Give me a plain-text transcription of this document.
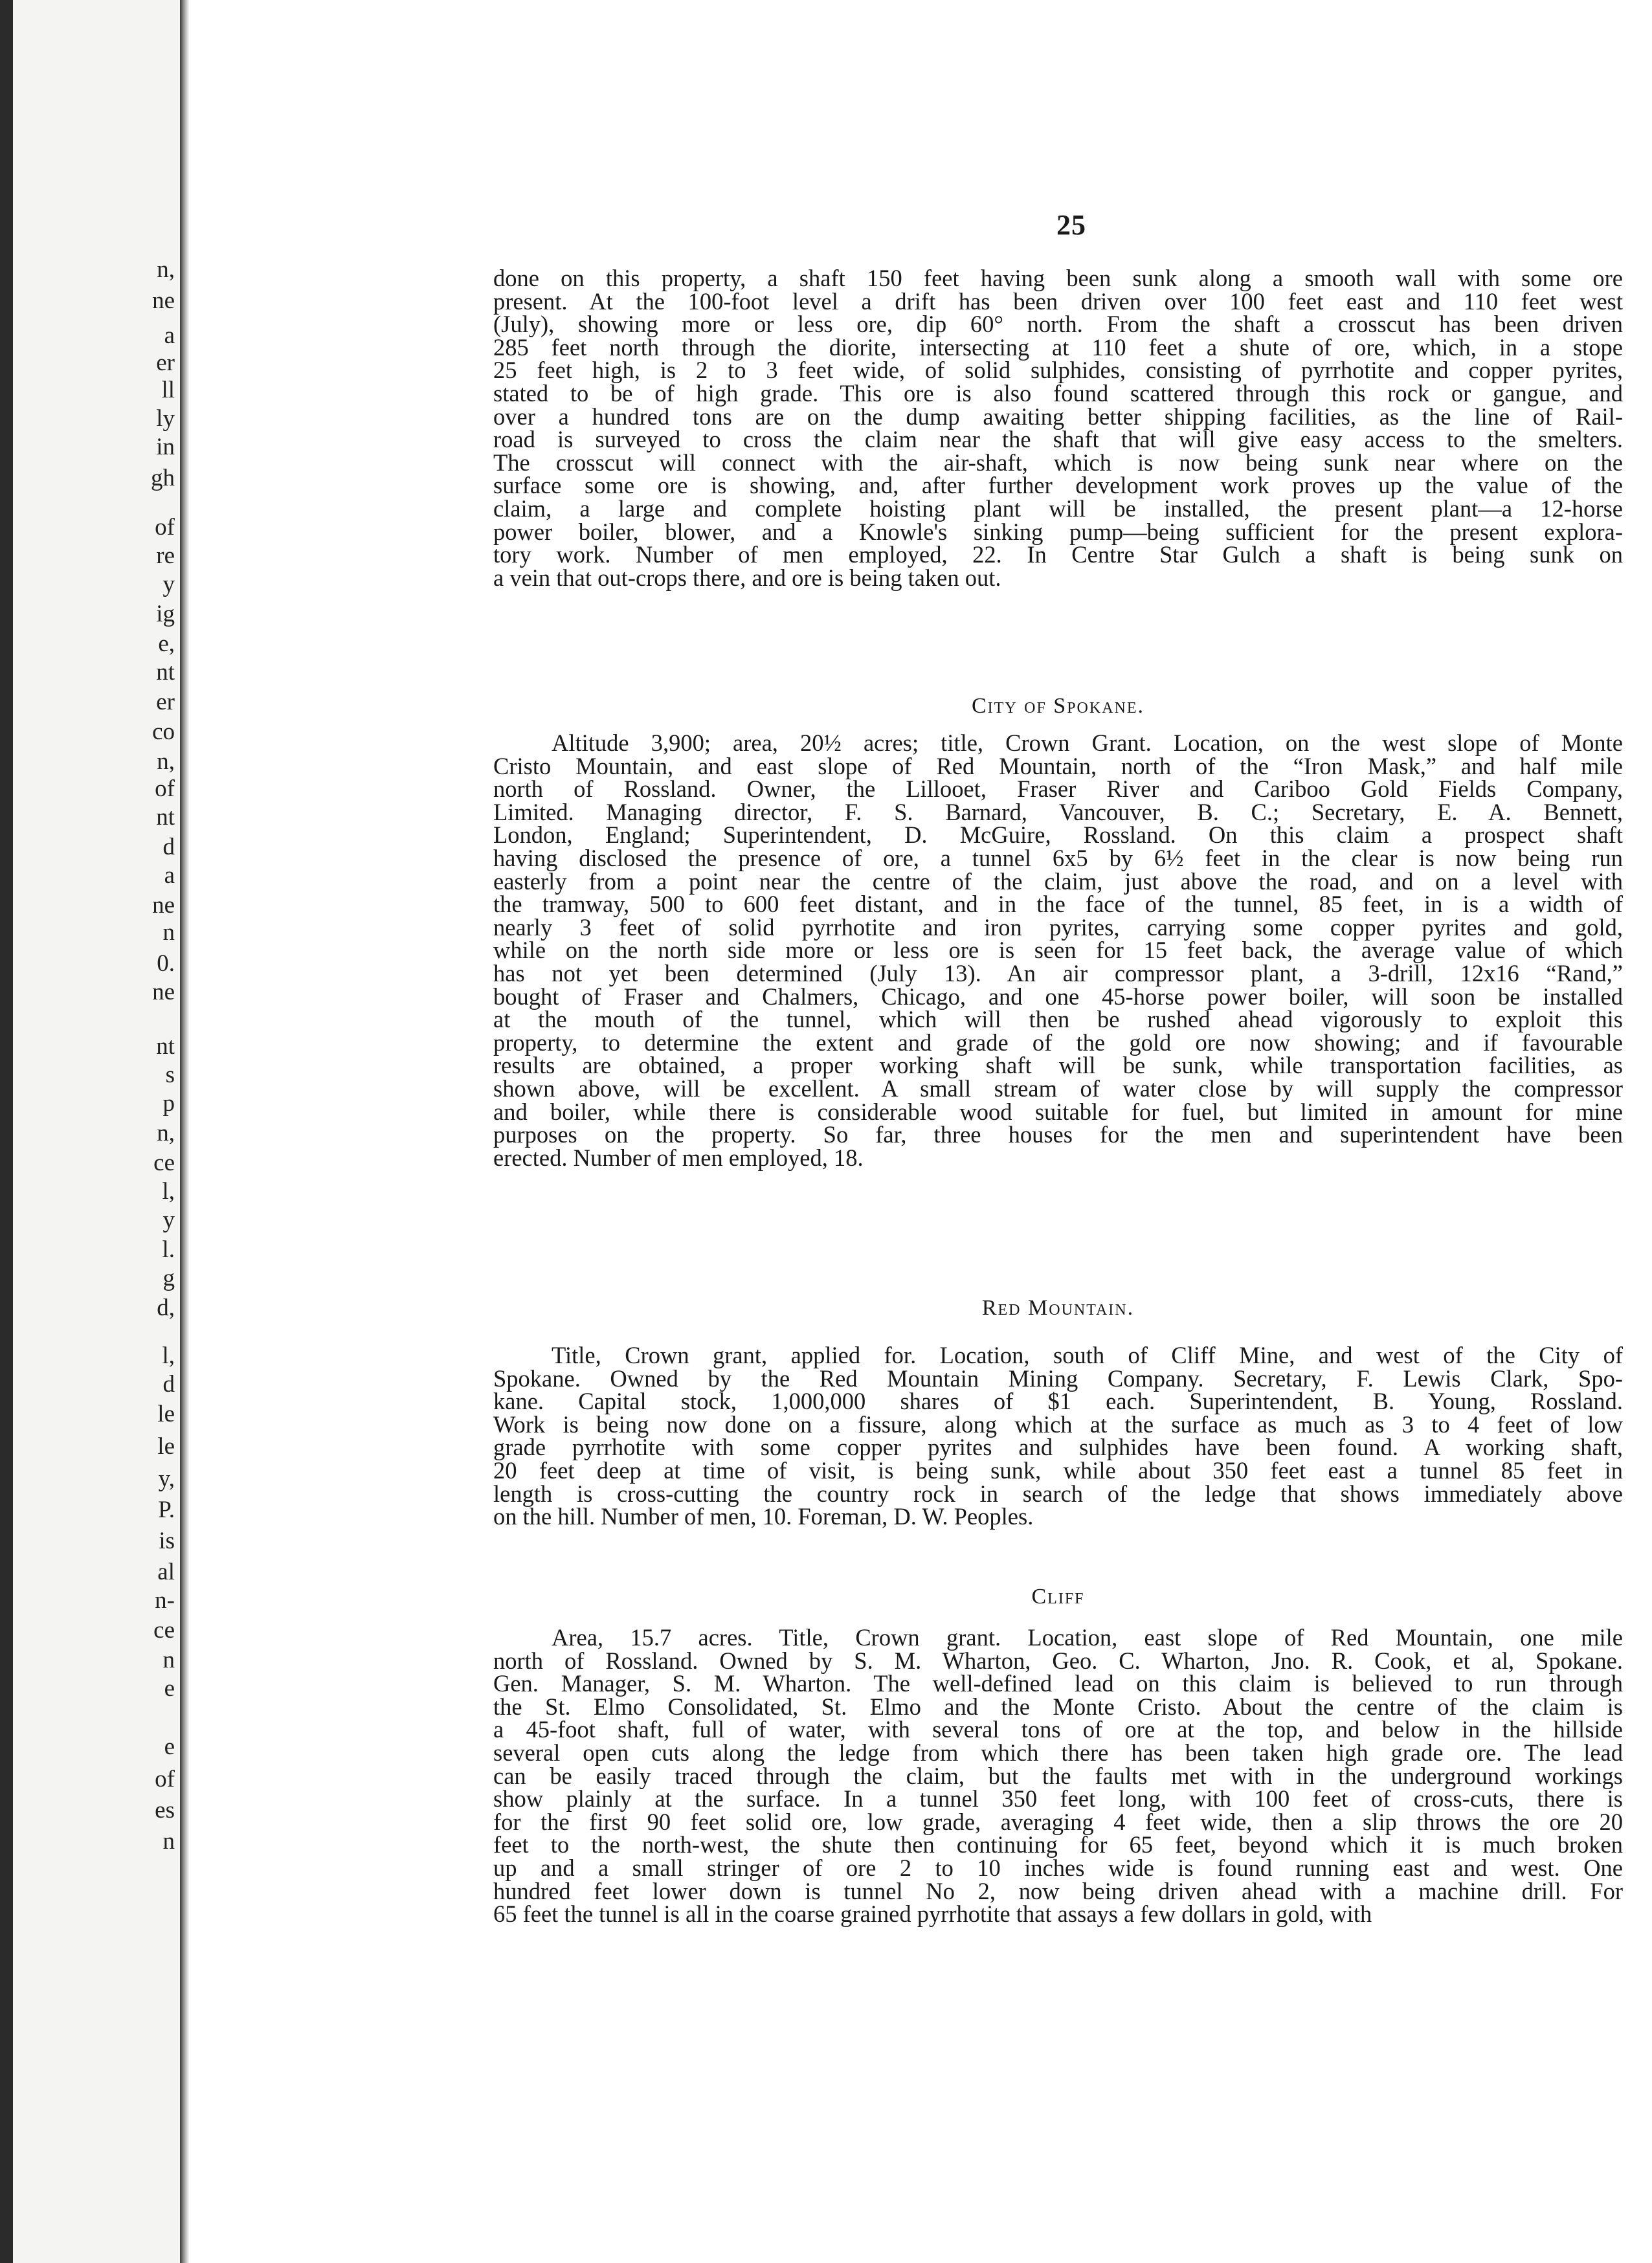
n,
ne
a
er
ll
ly
in
gh
of
re
y
ig
e,
nt
er
co
n,
of
nt
d
a
ne
n
0.
ne
nt
s
p
n,
ce
l,
y
l.
g
d,
l,
d
le
le
y,
P.
is
al
n-
ce
n
e
e
of
es
n
25
done on this property, a shaft 150 feet having been sunk along a smooth wall with some ore
present. At the 100-foot level a drift has been driven over 100 feet east and 110 feet west
(July), showing more or less ore, dip 60° north. From the shaft a crosscut has been driven
285 feet north through the diorite, intersecting at 110 feet a shute of ore, which, in a stope
25 feet high, is 2 to 3 feet wide, of solid sulphides, consisting of pyrrhotite and copper pyrites,
stated to be of high grade. This ore is also found scattered through this rock or gangue, and
over a hundred tons are on the dump awaiting better shipping facilities, as the line of Rail-
road is surveyed to cross the claim near the shaft that will give easy access to the smelters.
The crosscut will connect with the air-shaft, which is now being sunk near where on the
surface some ore is showing, and, after further development work proves up the value of the
claim, a large and complete hoisting plant will be installed, the present plant—a 12-horse
power boiler, blower, and a Knowle's sinking pump—being sufficient for the present explora-
tory work. Number of men employed, 22. In Centre Star Gulch a shaft is being sunk on
a vein that out-crops there, and ore is being taken out.
City of Spokane.
Altitude 3,900; area, 20½ acres; title, Crown Grant. Location, on the west slope of Monte
Cristo Mountain, and east slope of Red Mountain, north of the “Iron Mask,” and half mile
north of Rossland. Owner, the Lillooet, Fraser River and Cariboo Gold Fields Company,
Limited. Managing director, F. S. Barnard, Vancouver, B. C.; Secretary, E. A. Bennett,
London, England; Superintendent, D. McGuire, Rossland. On this claim a prospect shaft
having disclosed the presence of ore, a tunnel 6x5 by 6½ feet in the clear is now being run
easterly from a point near the centre of the claim, just above the road, and on a level with
the tramway, 500 to 600 feet distant, and in the face of the tunnel, 85 feet, in is a width of
nearly 3 feet of solid pyrrhotite and iron pyrites, carrying some copper pyrites and gold,
while on the north side more or less ore is seen for 15 feet back, the average value of which
has not yet been determined (July 13). An air compressor plant, a 3-drill, 12x16 “Rand,”
bought of Fraser and Chalmers, Chicago, and one 45-horse power boiler, will soon be installed
at the mouth of the tunnel, which will then be rushed ahead vigorously to exploit this
property, to determine the extent and grade of the gold ore now showing; and if favourable
results are obtained, a proper working shaft will be sunk, while transportation facilities, as
shown above, will be excellent. A small stream of water close by will supply the compressor
and boiler, while there is considerable wood suitable for fuel, but limited in amount for mine
purposes on the property. So far, three houses for the men and superintendent have been
erected. Number of men employed, 18.
Red Mountain.
Title, Crown grant, applied for. Location, south of Cliff Mine, and west of the City of
Spokane. Owned by the Red Mountain Mining Company. Secretary, F. Lewis Clark, Spo-
kane. Capital stock, 1,000,000 shares of $1 each. Superintendent, B. Young, Rossland.
Work is being now done on a fissure, along which at the surface as much as 3 to 4 feet of low
grade pyrrhotite with some copper pyrites and sulphides have been found. A working shaft,
20 feet deep at time of visit, is being sunk, while about 350 feet east a tunnel 85 feet in
length is cross-cutting the country rock in search of the ledge that shows immediately above
on the hill. Number of men, 10. Foreman, D. W. Peoples.
Cliff
Area, 15.7 acres. Title, Crown grant. Location, east slope of Red Mountain, one mile
north of Rossland. Owned by S. M. Wharton, Geo. C. Wharton, Jno. R. Cook, et al, Spokane.
Gen. Manager, S. M. Wharton. The well-defined lead on this claim is believed to run through
the St. Elmo Consolidated, St. Elmo and the Monte Cristo. About the centre of the claim is
a 45-foot shaft, full of water, with several tons of ore at the top, and below in the hillside
several open cuts along the ledge from which there has been taken high grade ore. The lead
can be easily traced through the claim, but the faults met with in the underground workings
show plainly at the surface. In a tunnel 350 feet long, with 100 feet of cross-cuts, there is
for the first 90 feet solid ore, low grade, averaging 4 feet wide, then a slip throws the ore 20
feet to the north-west, the shute then continuing for 65 feet, beyond which it is much broken
up and a small stringer of ore 2 to 10 inches wide is found running east and west. One
hundred feet lower down is tunnel No 2, now being driven ahead with a machine drill. For
65 feet the tunnel is all in the coarse grained pyrrhotite that assays a few dollars in gold, with
